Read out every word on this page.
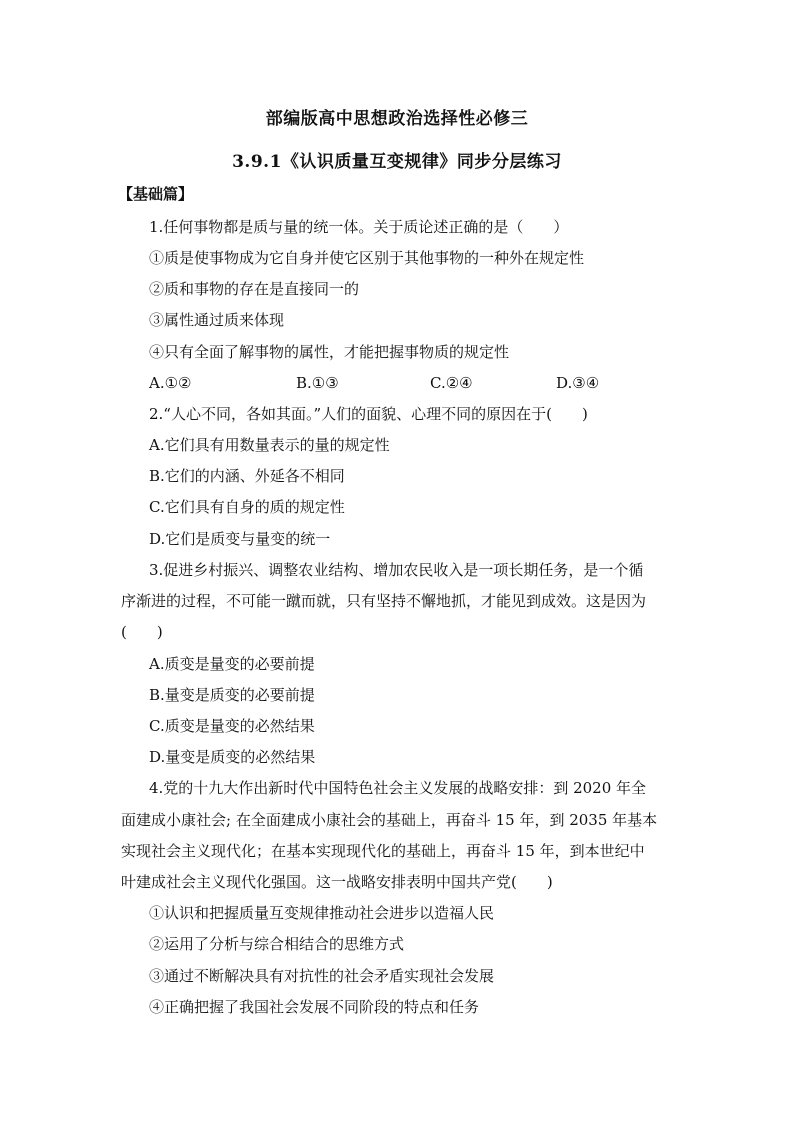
部编版高中思想政治选择性必修三
3.9.1《认识质量互变规律》同步分层练习
【基础篇】
1.任何事物都是质与量的统一体。关于质论述正确的是（　　）
①质是使事物成为它自身并使它区别于其他事物的一种外在规定性
②质和事物的存在是直接同一的
③属性通过质来体现
④只有全面了解事物的属性，才能把握事物质的规定性
A.①②	B.①③	C.②④	D.③④
2.“人心不同，各如其面。”人们的面貌、心理不同的原因在于(　　)
A.它们具有用数量表示的量的规定性
B.它们的内涵、外延各不相同
C.它们具有自身的质的规定性
D.它们是质变与量变的统一
3.促进乡村振兴、调整农业结构、增加农民收入是一项长期任务，是一个循
序渐进的过程，不可能一蹴而就，只有坚持不懈地抓，才能见到成效。这是因为
(　　)
A.质变是量变的必要前提
B.量变是质变的必要前提
C.质变是量变的必然结果
D.量变是质变的必然结果
4.党的十九大作出新时代中国特色社会主义发展的战略安排：到 2020 年全
面建成小康社会; 在全面建成小康社会的基础上，再奋斗 15 年，到 2035 年基本
实现社会主义现代化；在基本实现现代化的基础上，再奋斗 15 年，到本世纪中
叶建成社会主义现代化强国。这一战略安排表明中国共产党(　　)
①认识和把握质量互变规律推动社会进步以造福人民
②运用了分析与综合相结合的思维方式
③通过不断解决具有对抗性的社会矛盾实现社会发展
④正确把握了我国社会发展不同阶段的特点和任务
